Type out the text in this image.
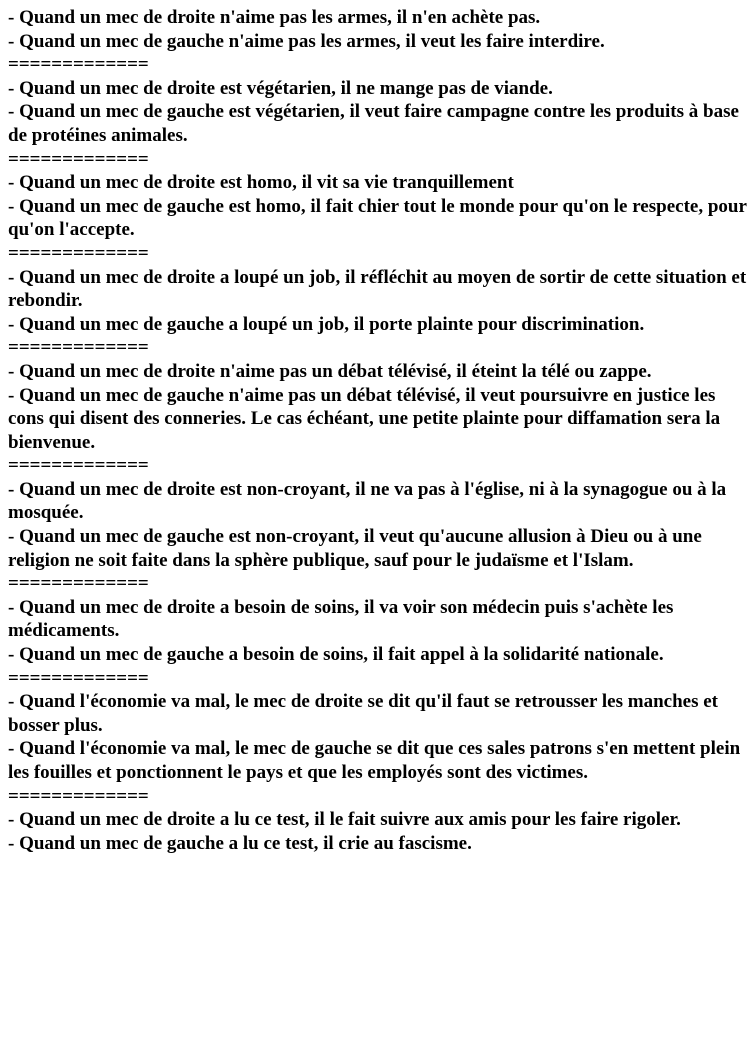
- Quand un mec de droite n'aime pas les armes, il n'en achète pas.

- Quand un mec de gauche n'aime pas les armes, il veut les faire interdire.

=============

- Quand un mec de droite est végétarien, il ne mange pas de viande.

- Quand un mec de gauche est végétarien, il veut faire campagne contre les produits à base de protéines animales.

=============

- Quand un mec de droite est homo, il vit sa vie tranquillement

- Quand un mec de gauche est homo, il fait chier tout le monde pour qu'on le respecte, pour qu'on l'accepte.

=============

- Quand un mec de droite a loupé un job, il réfléchit au moyen de sortir de cette situation et rebondir.

- Quand un mec de gauche a loupé un job, il porte plainte pour discrimination.

=============

- Quand un mec de droite n'aime pas un débat télévisé, il éteint la télé ou zappe.

- Quand un mec de gauche n'aime pas un débat télévisé, il veut poursuivre en justice les cons qui disent des conneries. Le cas échéant, une petite plainte pour diffamation sera la bienvenue.

=============

- Quand un mec de droite est non-croyant, il ne va pas à l'église, ni à la synagogue ou à la mosquée.

- Quand un mec de gauche est non-croyant, il veut qu'aucune allusion à Dieu ou à une religion ne soit faite dans la sphère publique, sauf pour le judaïsme et l'Islam.

=============

- Quand un mec de droite a besoin de soins, il va voir son médecin puis s'achète les médicaments.

- Quand un mec de gauche a besoin de soins, il fait appel à la solidarité nationale.

=============

- Quand l'économie va mal, le mec de droite se dit qu'il faut se retrousser les manches et bosser plus.

- Quand l'économie va mal, le mec de gauche se dit que ces sales patrons s'en mettent plein les fouilles et ponctionnent le pays et que les employés sont des victimes.

=============

- Quand un mec de droite a lu ce test, il le fait suivre aux amis pour les faire rigoler.

- Quand un mec de gauche a lu ce test, il crie au fascisme.
